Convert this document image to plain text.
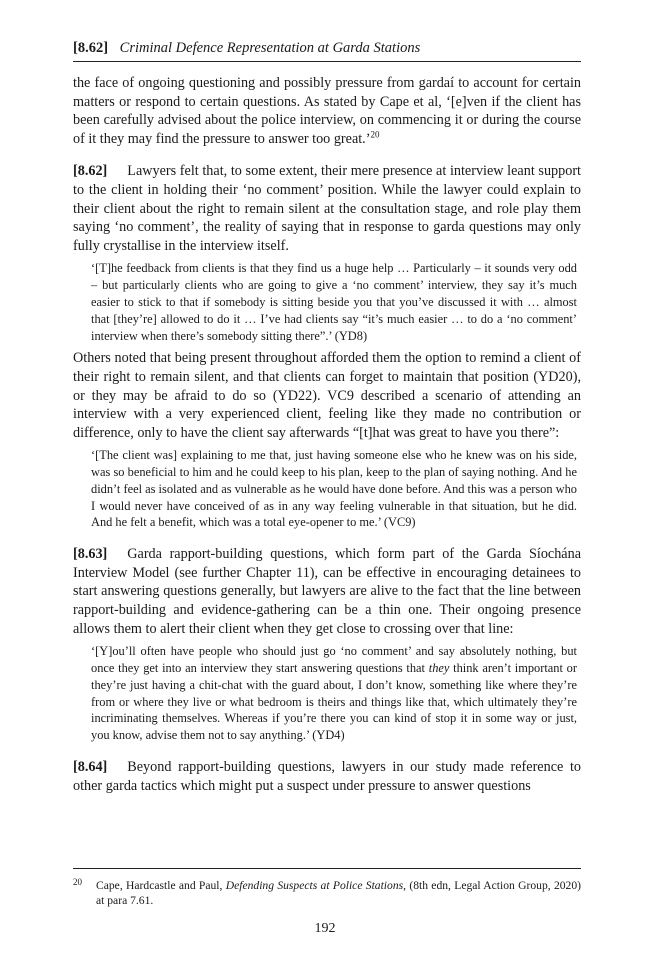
[8.62] Criminal Defence Representation at Garda Stations

the face of ongoing questioning and possibly pressure from gardaí to account for certain matters or respond to certain questions. As stated by Cape et al, ‘[e]ven if the client has been carefully advised about the police interview, on commencing it or during the course of it they may find the pressure to answer too great.’$^{20}$

[8.62] Lawyers felt that, to some extent, their mere presence at interview leant support to the client in holding their ‘no comment’ position. While the lawyer could explain to their client about the right to remain silent at the consultation stage, and role play them saying ‘no comment’, the reality of saying that in response to garda questions may only fully crystallise in the interview itself.

‘[T]he feedback from clients is that they find us a huge help … Particularly – it sounds very odd – but particularly clients who are going to give a ‘no comment’ interview, they say it’s much easier to stick to that if somebody is sitting beside you that you’ve discussed it with … almost that [they’re] allowed to do it … I’ve had clients say “it’s much easier … to do a ‘no comment’ interview when there’s somebody sitting there”.’ (YD8)

Others noted that being present throughout afforded them the option to remind a client of their right to remain silent, and that clients can forget to maintain that position (YD20), or they may be afraid to do so (YD22). VC9 described a scenario of attending an interview with a very experienced client, feeling like they made no contribution or difference, only to have the client say afterwards “[t]hat was great to have you there”:

‘[The client was] explaining to me that, just having someone else who he knew was on his side, was so beneficial to him and he could keep to his plan, keep to the plan of saying nothing. And he didn’t feel as isolated and as vulnerable as he would have done before. And this was a person who I would never have conceived of as in any way feeling vulnerable in that situation, but he did. And he felt a benefit, which was a total eye-opener to me.’ (VC9)

[8.63] Garda rapport-building questions, which form part of the Garda Síochána Interview Model (see further Chapter 11), can be effective in encouraging detainees to start answering questions generally, but lawyers are alive to the fact that the line between rapport-building and evidence-gathering can be a thin one. Their ongoing presence allows them to alert their client when they get close to crossing over that line:

‘[Y]ou’ll often have people who should just go ‘no comment’ and say absolutely nothing, but once they get into an interview they start answering questions that they think aren’t important or they’re just having a chit-chat with the guard about, I don’t know, something like where they’re from or where they live or what bedroom is theirs and things like that, which ultimately they’re incriminating themselves. Whereas if you’re there you can kind of stop it in some way or just, you know, advise them not to say anything.’ (YD4)

[8.64] Beyond rapport-building questions, lawyers in our study made reference to other garda tactics which might put a suspect under pressure to answer questions

20 Cape, Hardcastle and Paul, Defending Suspects at Police Stations, (8th edn, Legal Action Group, 2020) at para 7.61.
192
